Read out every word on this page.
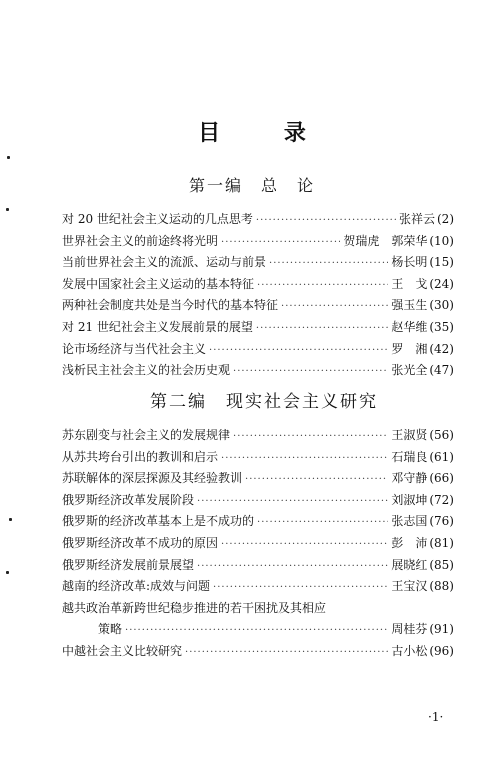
目 录
第一编　总　论
对 20 世纪社会主义运动的几点思考 ·····	张祥云 (2)
世界社会主义的前途终将光明 ·····	贺瑞虎　郭荣华 (10)
当前世界社会主义的流派、运动与前景 ·····	杨长明 (15)
发展中国家社会主义运动的基本特征 ·····	王　戈 (24)
两种社会制度共处是当今时代的基本特征 ·····	强玉生 (30)
对 21 世纪社会主义发展前景的展望 ·····	赵华维 (35)
论市场经济与当代社会主义 ·····	罗　湘 (42)
浅析民主社会主义的社会历史观 ·····	张光全 (47)
第二编　现实社会主义研究
苏东剧变与社会主义的发展规律 ·····	王淑贤 (56)
从苏共垮台引出的教训和启示 ·····	石瑞良 (61)
苏联解体的深层探源及其经验教训 ·····	邓守静 (66)
俄罗斯经济改革发展阶段 ·····	刘淑坤 (72)
俄罗斯的经济改革基本上是不成功的 ·····	张志国 (76)
俄罗斯经济改革不成功的原因 ·····	彭　沛 (81)
俄罗斯经济发展前景展望 ·····	展晓红 (85)
越南的经济改革:成效与问题 ·····	王宝汉 (88)
越共政治革新跨世纪稳步推进的若干困扰及其相应
策略 ·····	周桂芬 (91)
中越社会主义比较研究 ·····	古小松 (96)
·1·
